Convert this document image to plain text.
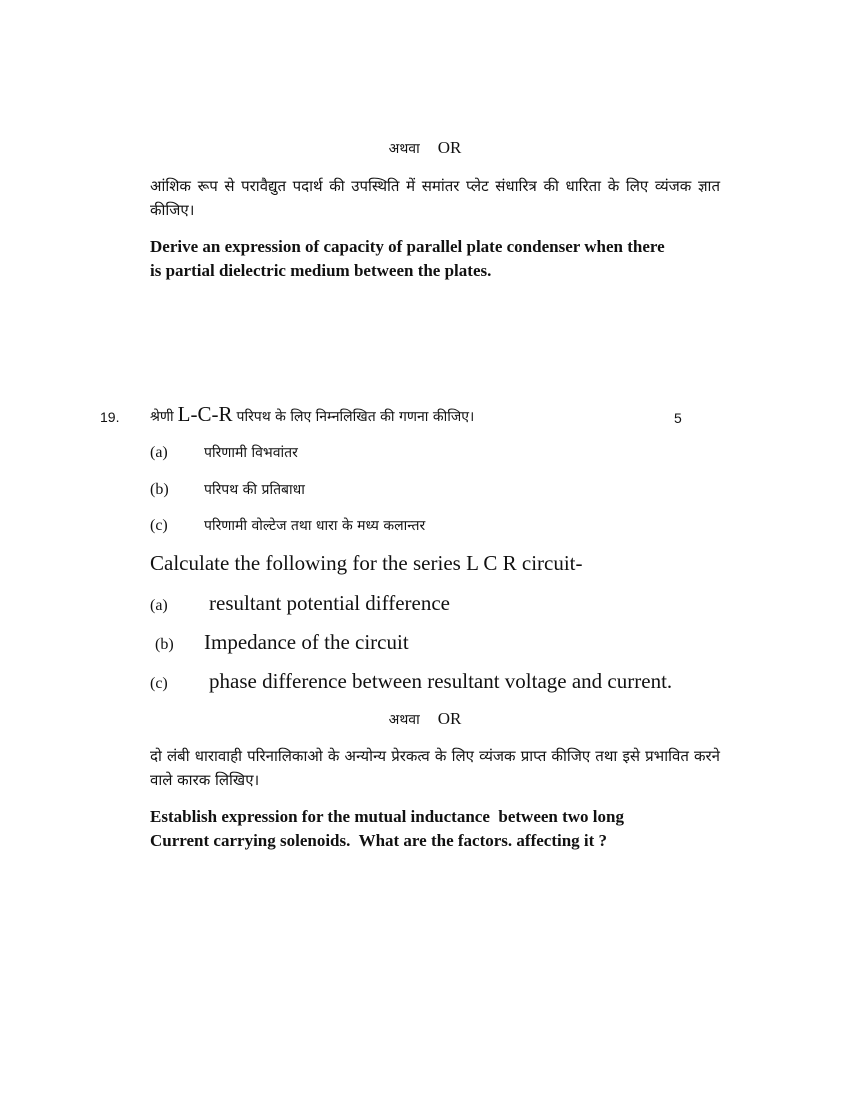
अथवा OR
आंशिक रूप से परावैद्युत पदार्थ की उपस्थिति में समांतर प्लेट संधारित्र की धारिता के लिए व्यंजक ज्ञात कीजिए।
Derive an expression of capacity of parallel plate condenser when there
is partial dielectric medium between the plates.
19. श्रेणी L-C-R परिपथ के लिए निम्नलिखित की गणना कीजिए।	5
(a)	परिणामी विभवांतर
(b)	परिपथ की प्रतिबाधा
(c)	परिणामी वोल्टेज तथा धारा के मध्य कलान्तर
Calculate the following for the series L C R circuit-
(a) resultant potential difference
(b) Impedance of the circuit
(c) phase difference between resultant voltage and current.
अथवा OR
दो लंबी धारावाही परिनालिकाओ के अन्योन्य प्रेरकत्व के लिए व्यंजक प्राप्त कीजिए तथा इसे प्रभावित करने वाले कारक लिखिए।
Establish expression for the mutual inductance  between two long
Current carrying solenoids.  What are the factors. affecting it ?
